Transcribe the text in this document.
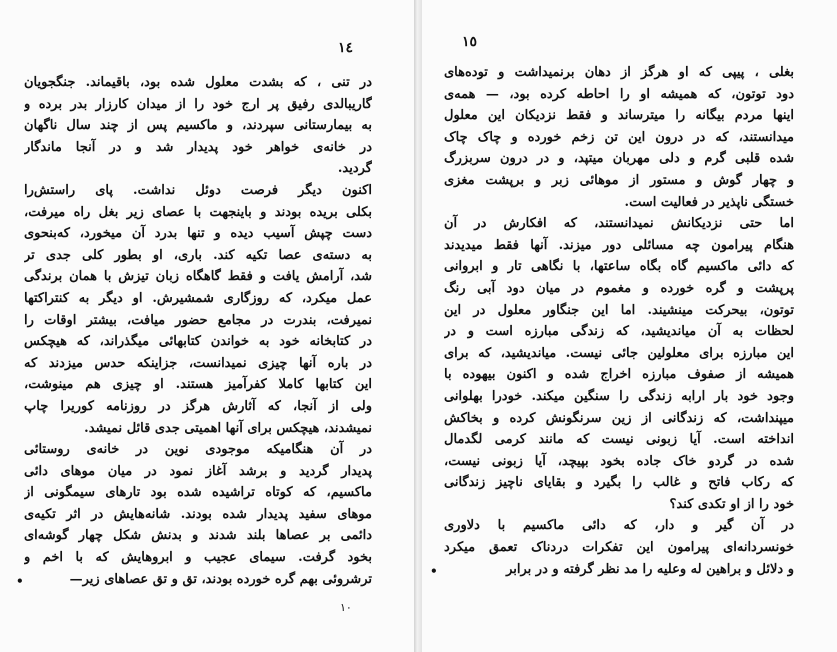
١٤
در تنی ، که بشدت معلول شده بود، باقیماند. جنگجویان
گاریبالدی رفیق پر ارج خود را از میدان کارزار بدر برده و
به بیمارستانی سپردند، و ماکسیم پس از چند سال ناگهان
در خانه‌ی خواهر خود پدیدار شد و در آنجا ماندگار
گردید.
اکنون دیگر فرصت دوئل نداشت. پای راستش‌را
بکلی بریده بودند و باینجهت با عصای زیر بغل راه میرفت،
دست چپش آسیب دیده و تنها بدرد آن میخورد، که‌بنحوی
به دسته‌ی عصا تکیه کند. باری، او بطور کلی جدی تر
شد، آرامش یافت و فقط گاهگاه زبان تیزش با همان برندگی
عمل میکرد، که روزگاری شمشیرش. او دیگر به کنتراکتها
نمیرفت، بندرت در مجامع حضور میافت، بیشتر اوقات را
در کتابخانه خود به خواندن کتابهائی میگذراند، که هیچکس
در باره آنها چیزی نمیدانست، جزاینکه حدس میزدند که
این کتابها کاملا کفرآمیز هستند. او چیزی هم مینوشت،
ولی از آنجا، که آثارش هرگز در روزنامه کوریرا چاپ
نمیشدند، هیچکس برای آنها اهمیتی جدی قائل نمیشد.
در آن هنگامیکه موجودی نوین در خانه‌ی روستائی
پدیدار گردید و برشد آغاز نمود در میان موهای دائی
ماکسیم، که کوتاه تراشیده شده بود تارهای سیمگونی از
موهای سفید پدیدار شده بودند. شانه‌هایش در اثر تکیه‌ی
دائمی بر عصاها بلند شدند و بدنش شکل چهار گوشه‌ای
بخود گرفت. سیمای عجیب و ابروهایش که با اخم و
ترشروئی بهم گره خورده بودند، تق و تق عصاهای زیر—
•
١٠
١٥
بغلی ، پیپی که او هرگز از دهان برنمیداشت و توده‌های
دود توتون، که همیشه او را احاطه کرده بود، — همه‌ی
اینها مردم بیگانه را میترساند و فقط نزدیکان این معلول
میدانستند، که در درون این تن زخم خورده و چاک چاک
شده قلبی گرم و دلی مهربان میتپد، و در درون سربزرگ
و چهار گوش و مستور از موهائی زبر و برپشت مغزی
خستگی ناپذیر در فعالیت است.
اما حتی نزدیکانش نمیدانستند، که افکارش در آن
هنگام پیرامون چه مسائلی دور میزند. آنها فقط میدیدند
که دائی ماکسیم گاه بگاه ساعتها، با نگاهی تار و ابروانی
پرپشت و گره خورده و مغموم در میان دود آبی رنگ
توتون، بیحرکت مینشیند. اما این جنگاور معلول در این
لحظات به آن میاندیشید، که زندگی مبارزه است و در
این مبارزه برای معلولین جائی نیست. میاندیشید، که برای
همیشه از صفوف مبارزه اخراج شده و اکنون بیهوده با
وجود خود بار ارابه زندگی را سنگین میکند. خودرا بهلوانی
میپنداشت، که زندگانی از زین سرنگونش کرده و بخاکش
انداخته است. آیا زبونی نیست که مانند کرمی لگدمال
شده در گردو خاک جاده بخود بپیچد، آیا زبونی نیست،
که رکاب فاتح و غالب را بگیرد و بقایای ناچیز زندگانی
خود را از او تکدی کند؟
در آن گیر و دار، که دائی ماکسیم با دلاوری
خونسردانه‌ای پیرامون این تفکرات دردناک تعمق میکرد
و دلائل و براهین له وعلیه را مد نظر گرفته و در برابر
•
